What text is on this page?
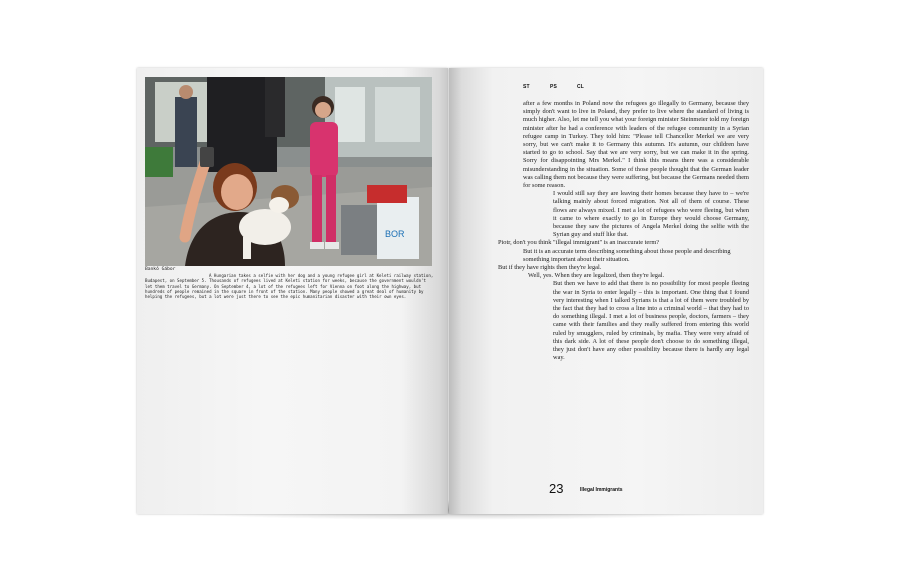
BOR
Bankó Gábor
A Hungarian takes a selfie with her dog and a young refugee girl at Keleti railway station, Budapest, on September 5. Thousands of refugees lived at Keleti station for weeks, because the government wouldn't let them travel to Germany. On September 4, a lot of the refugees left for Vienna on foot along the highway, but hundreds of people remained in the square in front of the station. Many people showed a great deal of humanity by helping the refugees, but a lot were just there to see the epic humanitarian disaster with their own eyes.
ST	PS	CL

after a few months in Poland now the refugees go illegally to Germany, because they simply don't want to live in Poland, they prefer to live where the standard of living is much higher. Also, let me tell you what your foreign minister Steinmeier told my foreign minister after he had a conference with leaders of the refugee community in a Syrian refugee camp in Turkey. They told him: "Please tell Chancellor Merkel we are very sorry, but we can't make it to Germany this autumn. It's autumn, our children have started to go to school. Say that we are very sorry, but we can make it in the spring. Sorry for disappointing Mrs Merkel." I think this means there was a considerable misunderstanding in the situation. Some of those people thought that the German leader was calling them not because they were suffering, but because the Germans needed them for some reason.

I would still say they are leaving their homes because they have to – we're talking mainly about forced migration. Not all of them of course. These flows are always mixed. I met a lot of refugees who were fleeing, but when it came to where exactly to go in Europe they would choose Germany, because they saw the pictures of Angela Merkel doing the selfie with the Syrian guy and stuff like that.

Piotr, don't you think "illegal immigrant" is an inaccurate term?

But it is an accurate term describing something about those people and describing something important about their situation.

But if they have rights then they're legal.

Well, yes. When they are legalized, then they're legal.

But then we have to add that there is no possibility for most people fleeing the war in Syria to enter legally – this is important. One thing that I found very interesting when I talked Syrians is that a lot of them were troubled by the fact that they had to cross a line into a criminal world – that they had to do something illegal. I met a lot of business people, doctors, farmers – they came with their families and they really suffered from entering this world ruled by smugglers, ruled by criminals, by mafia. They were very afraid of this dark side. A lot of these people don't choose to do something illegal, they just don't have any other possibility because there is hardly any legal way.

23	Illegal Immigrants
